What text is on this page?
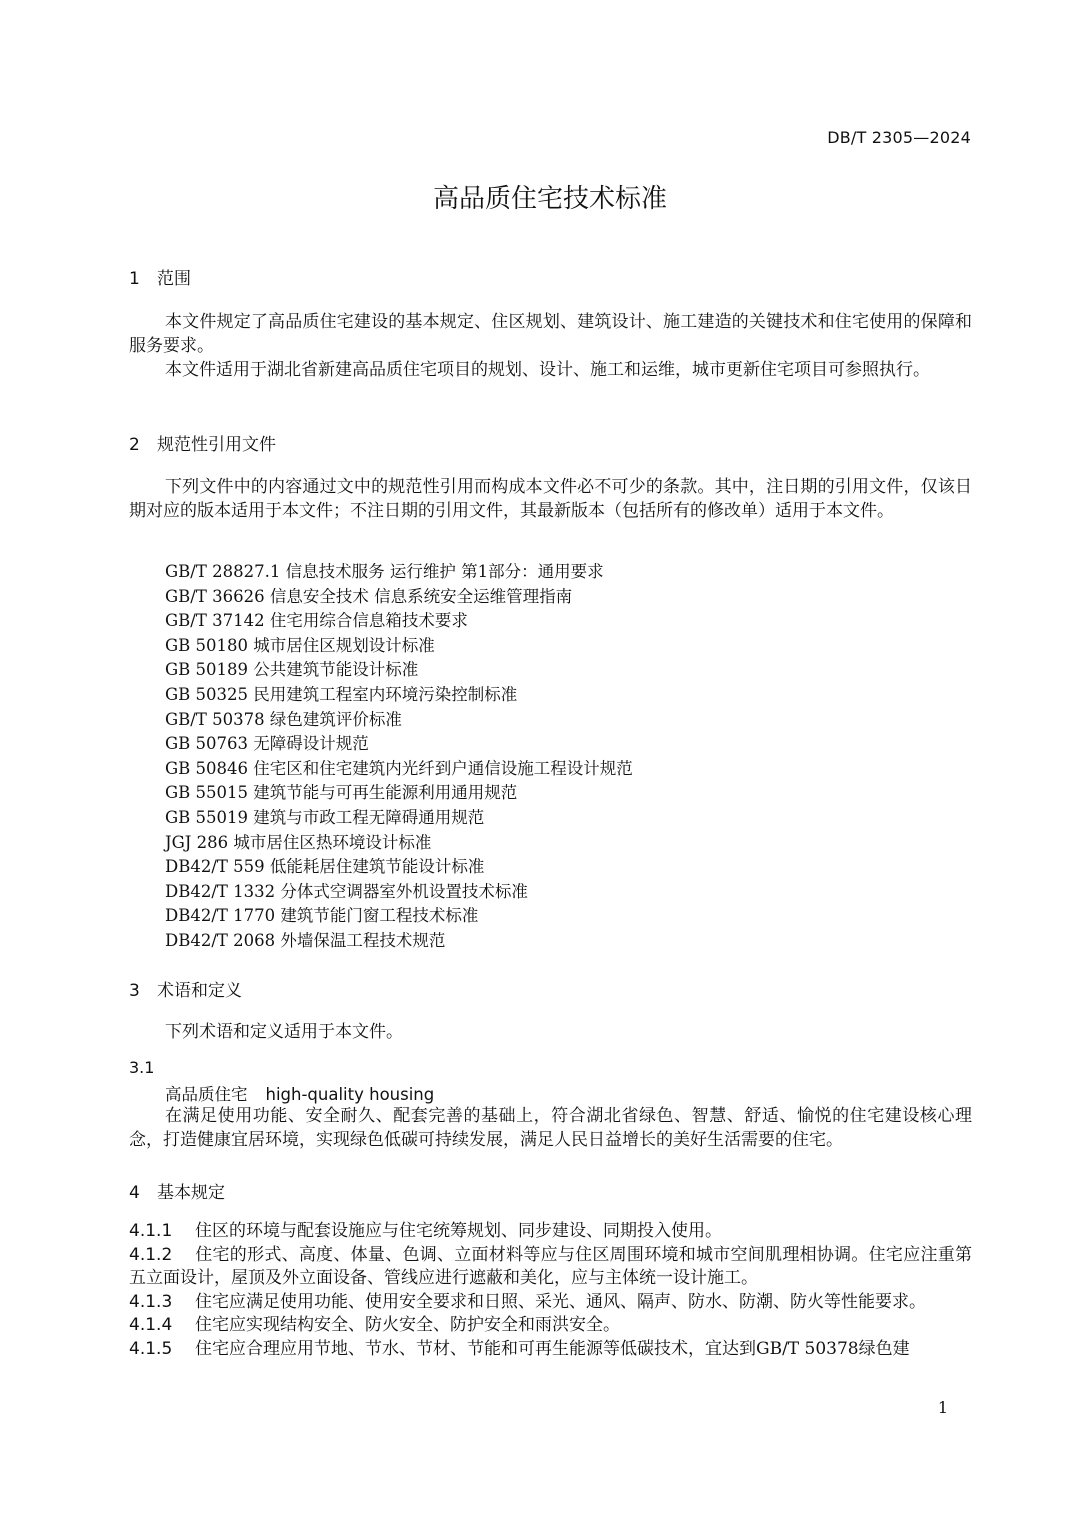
DB/T 2305—2024
高品质住宅技术标准
1 范围

本文件规定了高品质住宅建设的基本规定、住区规划、建筑设计、施工建造的关键技术和住宅使用的保障和服务要求。

本文件适用于湖北省新建高品质住宅项目的规划、设计、施工和运维，城市更新住宅项目可参照执行。

2 规范性引用文件

下列文件中的内容通过文中的规范性引用而构成本文件必不可少的条款。其中，注日期的引用文件，仅该日期对应的版本适用于本文件；不注日期的引用文件，其最新版本（包括所有的修改单）适用于本文件。

GB/T 28827.1 信息技术服务 运行维护 第1部分：通用要求
GB/T 36626 信息安全技术 信息系统安全运维管理指南
GB/T 37142 住宅用综合信息箱技术要求
GB 50180 城市居住区规划设计标准
GB 50189 公共建筑节能设计标准
GB 50325 民用建筑工程室内环境污染控制标准
GB/T 50378 绿色建筑评价标准
GB 50763 无障碍设计规范
GB 50846 住宅区和住宅建筑内光纤到户通信设施工程设计规范
GB 55015 建筑节能与可再生能源利用通用规范
GB 55019 建筑与市政工程无障碍通用规范
JGJ 286 城市居住区热环境设计标准
DB42/T 559 低能耗居住建筑节能设计标准
DB42/T 1332 分体式空调器室外机设置技术标准
DB42/T 1770 建筑节能门窗工程技术标准
DB42/T 2068 外墙保温工程技术规范
3 术语和定义

下列术语和定义适用于本文件。

3.1
高品质住宅 high-quality housing

在满足使用功能、安全耐久、配套完善的基础上，符合湖北省绿色、智慧、舒适、愉悦的住宅建设核心理念，打造健康宜居环境，实现绿色低碳可持续发展，满足人民日益增长的美好生活需要的住宅。

4 基本规定

4.1.1 住区的环境与配套设施应与住宅统筹规划、同步建设、同期投入使用。

4.1.2 住宅的形式、高度、体量、色调、立面材料等应与住区周围环境和城市空间肌理相协调。住宅应注重第五立面设计，屋顶及外立面设备、管线应进行遮蔽和美化，应与主体统一设计施工。

4.1.3 住宅应满足使用功能、使用安全要求和日照、采光、通风、隔声、防水、防潮、防火等性能要求。

4.1.4 住宅应实现结构安全、防火安全、防护安全和雨洪安全。

4.1.5 住宅应合理应用节地、节水、节材、节能和可再生能源等低碳技术，宜达到GB/T 50378绿色建

1
